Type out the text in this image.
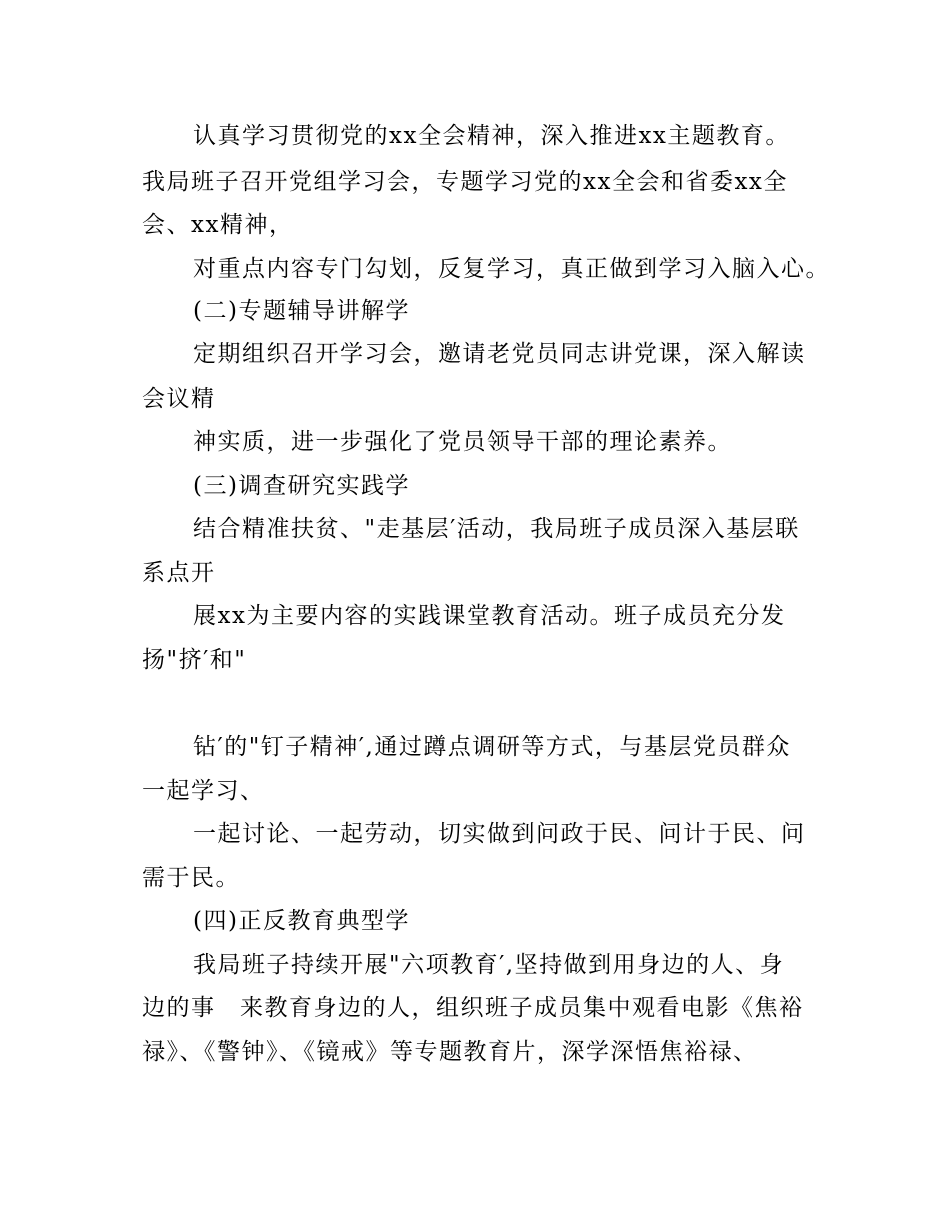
认真学习贯彻党的xx全会精神，深入推进xx主题教育。
我局班子召开党组学习会，专题学习党的xx全会和省委xx全
会、xx精神，
对重点内容专门勾划，反复学习，真正做到学习入脑入心。
(二)专题辅导讲解学
定期组织召开学习会，邀请老党员同志讲党课，深入解读
会议精
神实质，进一步强化了党员领导干部的理论素养。
(三)调查研究实践学
结合精准扶贫、"走基层′活动，我局班子成员深入基层联
系点开
展xx为主要内容的实践课堂教育活动。班子成员充分发
扬"挤′和"
钻′的"钉子精神′,通过蹲点调研等方式，与基层党员群众
一起学习、
一起讨论、一起劳动，切实做到问政于民、问计于民、问
需于民。
(四)正反教育典型学
我局班子持续开展"六项教育′,坚持做到用身边的人、身
边的事　来教育身边的人，组织班子成员集中观看电影《焦裕
禄》、《警钟》、《镜戒》等专题教育片，深学深悟焦裕禄、
